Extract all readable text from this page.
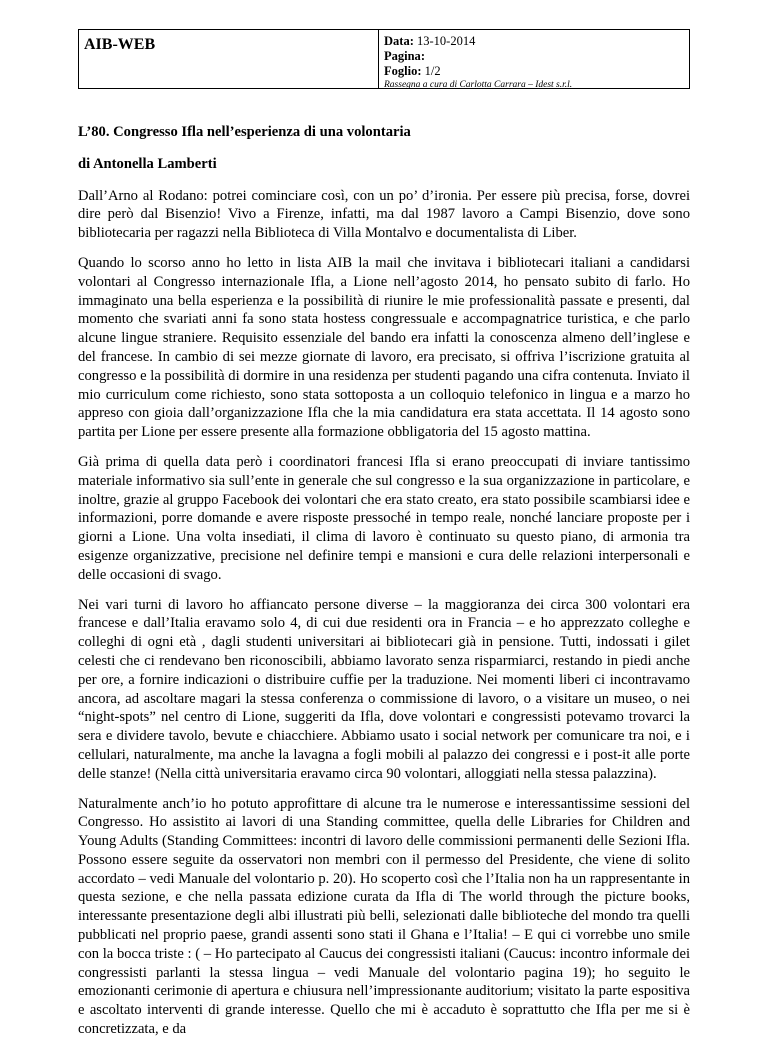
AIB-WEB	Data: 13-10-2014
Pagina:
Foglio: 1/2
Rassegna a cura di Carlotta Carrara – Idest s.r.l.

L’80. Congresso Ifla nell’esperienza di una volontaria

di Antonella Lamberti

Dall’Arno al Rodano: potrei cominciare così, con un po’ d’ironia. Per essere più precisa, forse, dovrei dire però dal Bisenzio! Vivo a Firenze, infatti, ma dal 1987 lavoro a Campi Bisenzio, dove sono bibliotecaria per ragazzi nella Biblioteca di Villa Montalvo e documentalista di Liber.

Quando lo scorso anno ho letto in lista AIB la mail che invitava i bibliotecari italiani a candidarsi volontari al Congresso internazionale Ifla, a Lione nell’agosto 2014, ho pensato subito di farlo. Ho immaginato una bella esperienza e la possibilità di riunire le mie professionalità passate e presenti, dal momento che svariati anni fa sono stata hostess congressuale e accompagnatrice turistica, e che parlo alcune lingue straniere. Requisito essenziale del bando era infatti la conoscenza almeno dell’inglese e del francese. In cambio di sei mezze giornate di lavoro, era precisato, si offriva l’iscrizione gratuita al congresso e la possibilità di dormire in una residenza per studenti pagando una cifra contenuta. Inviato il mio curriculum come richiesto, sono stata sottoposta a un colloquio telefonico in lingua e a marzo ho appreso con gioia dall’organizzazione Ifla che la mia candidatura era stata accettata. Il 14 agosto sono partita per Lione per essere presente alla formazione obbligatoria del 15 agosto mattina.

Già prima di quella data però i coordinatori francesi Ifla si erano preoccupati di inviare tantissimo materiale informativo sia sull’ente in generale che sul congresso e la sua organizzazione in particolare, e inoltre, grazie al gruppo Facebook dei volontari che era stato creato, era stato possibile scambiarsi idee e informazioni, porre domande e avere risposte pressoché in tempo reale, nonché lanciare proposte per i giorni a Lione. Una volta insediati, il clima di lavoro è continuato su questo piano, di armonia tra esigenze organizzative, precisione nel definire tempi e mansioni e cura delle relazioni interpersonali e delle occasioni di svago.

Nei vari turni di lavoro ho affiancato persone diverse – la maggioranza dei circa 300 volontari era francese e dall’Italia eravamo solo 4, di cui due residenti ora in Francia – e ho apprezzato colleghe e colleghi di ogni età , dagli studenti universitari ai bibliotecari già in pensione. Tutti, indossati i gilet celesti che ci rendevano ben riconoscibili, abbiamo lavorato senza risparmiarci, restando in piedi anche per ore, a fornire indicazioni o distribuire cuffie per la traduzione. Nei momenti liberi ci incontravamo ancora, ad ascoltare magari la stessa conferenza o commissione di lavoro, o a visitare un museo, o nei “night-spots” nel centro di Lione, suggeriti da Ifla, dove volontari e congressisti potevamo trovarci la sera e dividere tavolo, bevute e chiacchiere. Abbiamo usato i social network per comunicare tra noi, e i cellulari, naturalmente, ma anche la lavagna a fogli mobili al palazzo dei congressi e i post-it alle porte delle stanze! (Nella città universitaria eravamo circa 90 volontari, alloggiati nella stessa palazzina).

Naturalmente anch’io ho potuto approfittare di alcune tra le numerose e interessantissime sessioni del Congresso. Ho assistito ai lavori di una Standing committee, quella delle Libraries for Children and Young Adults (Standing Committees: incontri di lavoro delle commissioni permanenti delle Sezioni Ifla. Possono essere seguite da osservatori non membri con il permesso del Presidente, che viene di solito accordato – vedi Manuale del volontario p. 20). Ho scoperto così che l’Italia non ha un rappresentante in questa sezione, e che nella passata edizione curata da Ifla di The world through the picture books, interessante presentazione degli albi illustrati più belli, selezionati dalle biblioteche del mondo tra quelli pubblicati nel proprio paese, grandi assenti sono stati il Ghana e l’Italia! – E qui ci vorrebbe uno smile con la bocca triste : ( – Ho partecipato al Caucus dei congressisti italiani (Caucus: incontro informale dei congressisti parlanti la stessa lingua – vedi Manuale del volontario pagina 19); ho seguito le emozionanti cerimonie di apertura e chiusura nell’impressionante auditorium; visitato la parte espositiva e ascoltato interventi di grande interesse. Quello che mi è accaduto è soprattutto che Ifla per me si è concretizzata, e da
